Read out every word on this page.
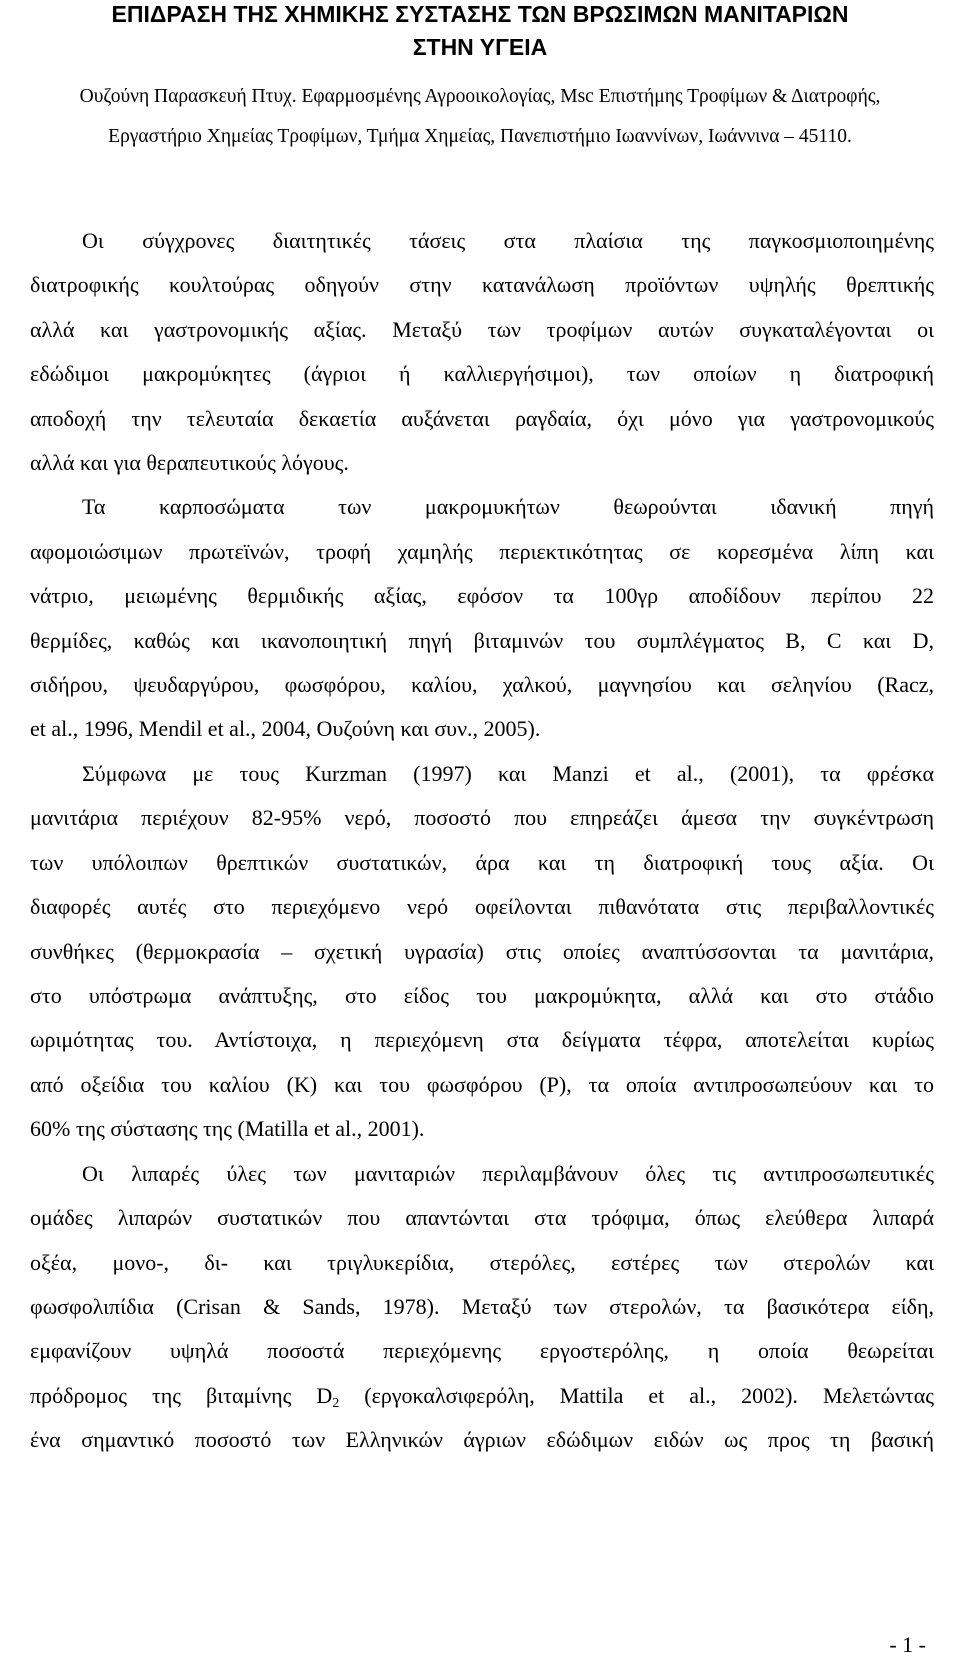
ΕΠΙΔΡΑΣΗ ΤΗΣ ΧΗΜΙΚΗΣ ΣΥΣΤΑΣΗΣ ΤΩΝ ΒΡΩΣΙΜΩΝ ΜΑΝΙΤΑΡΙΩΝ
ΣΤΗΝ ΥΓΕΙΑ
Ουζούνη Παρασκευή Πτυχ. Εφαρμοσμένης Αγροοικολογίας, Msc Επιστήμης Τροφίμων & Διατροφής,
Εργαστήριο Χημείας Τροφίμων, Τμήμα Χημείας, Πανεπιστήμιο Ιωαννίνων, Ιωάννινα – 45110.
Οι σύγχρονες διαιτητικές τάσεις στα πλαίσια της παγκοσμιοποιημένης
διατροφικής κουλτούρας οδηγούν στην κατανάλωση προϊόντων υψηλής θρεπτικής
αλλά και γαστρονομικής αξίας. Μεταξύ των τροφίμων αυτών συγκαταλέγονται οι
εδώδιμοι μακρομύκητες (άγριοι ή καλλιεργήσιμοι), των οποίων η διατροφική
αποδοχή την τελευταία δεκαετία αυξάνεται ραγδαία, όχι μόνο για γαστρονομικούς
αλλά και για θεραπευτικούς λόγους.
Τα καρποσώματα των μακρομυκήτων θεωρούνται ιδανική πηγή
αφομοιώσιμων πρωτεϊνών, τροφή χαμηλής περιεκτικότητας σε κορεσμένα λίπη και
νάτριο, μειωμένης θερμιδικής αξίας, εφόσον τα 100γρ αποδίδουν περίπου 22
θερμίδες, καθώς και ικανοποιητική πηγή βιταμινών του συμπλέγματος B, C και D,
σιδήρου, ψευδαργύρου, φωσφόρου, καλίου, χαλκού, μαγνησίου και σεληνίου (Racz,
et al., 1996, Mendil et al., 2004, Ουζούνη και συν., 2005).
Σύμφωνα με τους Kurzman (1997) και Manzi et al., (2001), τα φρέσκα
μανιτάρια περιέχουν 82-95% νερό, ποσοστό που επηρεάζει άμεσα την συγκέντρωση
των υπόλοιπων θρεπτικών συστατικών, άρα και τη διατροφική τους αξία. Οι
διαφορές αυτές στο περιεχόμενο νερό οφείλονται πιθανότατα στις περιβαλλοντικές
συνθήκες (θερμοκρασία – σχετική υγρασία) στις οποίες αναπτύσσονται τα μανιτάρια,
στο υπόστρωμα ανάπτυξης, στο είδος του μακρομύκητα, αλλά και στο στάδιο
ωριμότητας του. Αντίστοιχα, η περιεχόμενη στα δείγματα τέφρα, αποτελείται κυρίως
από οξείδια του καλίου (K) και του φωσφόρου (P), τα οποία αντιπροσωπεύουν και το
60% της σύστασης της (Matilla et al., 2001).
Οι λιπαρές ύλες των μανιταριών περιλαμβάνουν όλες τις αντιπροσωπευτικές
ομάδες λιπαρών συστατικών που απαντώνται στα τρόφιμα, όπως ελεύθερα λιπαρά
οξέα, μονο-, δι- και τριγλυκερίδια, στερόλες, εστέρες των στερολών και
φωσφολιπίδια (Crisan & Sands, 1978). Μεταξύ των στερολών, τα βασικότερα είδη,
εμφανίζουν υψηλά ποσοστά περιεχόμενης εργοστερόλης, η οποία θεωρείται
πρόδρομος της βιταμίνης $D_2$ (εργοκαλσιφερόλη, Mattila et al., 2002). Μελετώντας
ένα σημαντικό ποσοστό των Ελληνικών άγριων εδώδιμων ειδών ως προς τη βασική
- 1 -
